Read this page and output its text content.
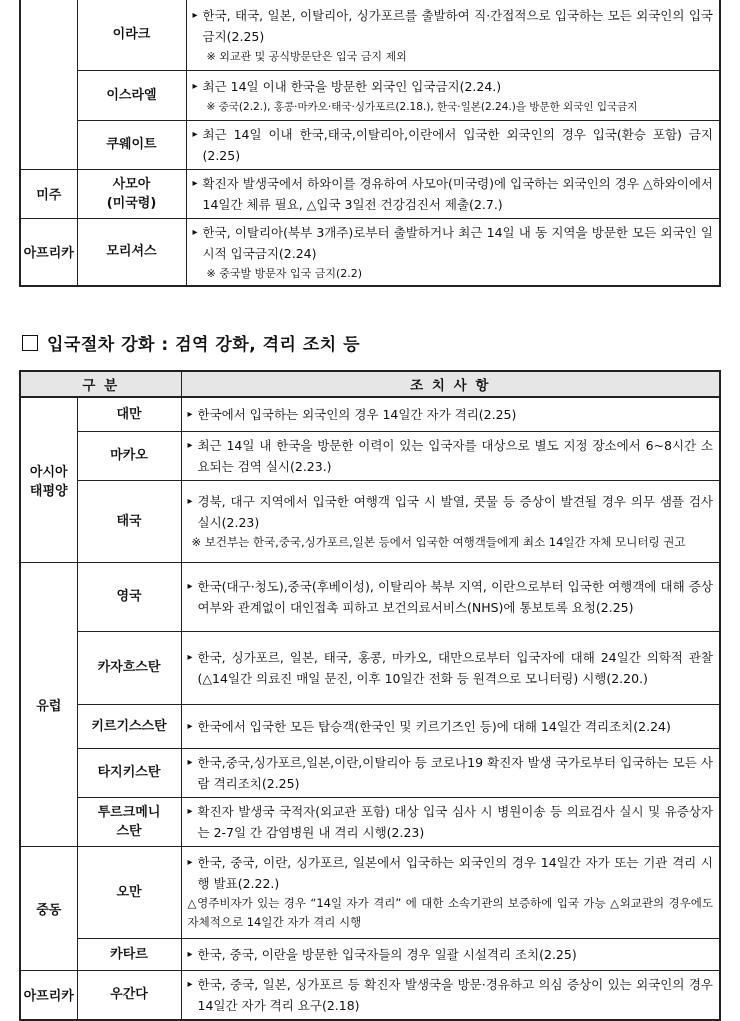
	이라크	▸ 한국, 태국, 일본, 이탈리아, 싱가포르를 출발하여 직·간접적으로 입국하는 모든 외국인의 입국 금지(2.25)

※ 외교관 및 공식방문단은 입국 금지 제외

	이스라엘	▸ 최근 14일 이내 한국을 방문한 외국인 입국금지(2.24.)

※ 중국(2.2.), 홍콩·마카오·태국·싱가포르(2.18.), 한국·일본(2.24.)을 방문한 외국인 입국금지

	쿠웨이트	▸ 최근 14일 이내 한국,태국,이탈리아,이란에서 입국한 외국인의 경우 입국(환승 포함) 금지(2.25)

미주	사모아
(미국령)	▸ 확진자 발생국에서 하와이를 경유하여 사모아(미국령)에 입국하는 외국인의 경우 △하와이에서 14일간 체류 필요, △입국 3일전 건강검진서 제출(2.7.)

아프리카	모리셔스	▸ 한국, 이탈리아(북부 3개주)로부터 출발하거나 최근 14일 내 동 지역을 방문한 모든 외국인 일시적 입국금지(2.24)

※ 중국발 방문자 입국 금지(2.2)

입국절차 강화 : 검역 강화, 격리 조치 등
구 분		조 치 사 항

아시아
태평양	대만	▸ 한국에서 입국하는 외국인의 경우 14일간 자가 격리(2.25)

	마카오	▸ 최근 14일 내 한국을 방문한 이력이 있는 입국자를 대상으로 별도 지정 장소에서 6~8시간 소요되는 검역 실시(2.23.)

	태국	▸ 경북, 대구 지역에서 입국한 여행객 입국 시 발열, 콧물 등 증상이 발견될 경우 의무 샘플 검사 실시(2.23)

※ 보건부는 한국,중국,싱가포르,일본 등에서 입국한 여행객들에게 최소 14일간 자체 모니터링 권고

유럽	영국	▸ 한국(대구·청도),중국(후베이성), 이탈리아 북부 지역, 이란으로부터 입국한 여행객에 대해 증상 여부와 관계없이 대인접촉 피하고 보건의료서비스(NHS)에 통보토록 요청(2.25)

	카자흐스탄	▸ 한국, 싱가포르, 일본, 태국, 홍콩, 마카오, 대만으로부터 입국자에 대해 24일간 의학적 관찰(△14일간 의료진 매일 문진, 이후 10일간 전화 등 원격으로 모니터링) 시행(2.20.)

	키르기스스탄	▸ 한국에서 입국한 모든 탑승객(한국인 및 키르기즈인 등)에 대해 14일간 격리조치(2.24)

	타지키스탄	▸ 한국,중국,싱가포르,일본,이란,이탈리아 등 코로나19 확진자 발생 국가로부터 입국하는 모든 사람 격리조치(2.25)

	투르크메니
스탄	▸ 확진자 발생국 국적자(외교관 포함) 대상 입국 심사 시 병원이송 등 의료검사 실시 및 유증상자는 2-7일 간 감염병원 내 격리 시행(2.23)

중동	오만	▸ 한국, 중국, 이란, 싱가포르, 일본에서 입국하는 외국인의 경우 14일간 자가 또는 기관 격리 시행 발표(2.22.)

△영주비자가 있는 경우 “14일 자가 격리” 에 대한 소속기관의 보증하에 입국 가능 △외교관의 경우에도 자체적으로 14일간 자가 격리 시행

	카타르	▸ 한국, 중국, 이란을 방문한 입국자들의 경우 일괄 시설격리 조치(2.25)

아프리카	우간다	▸ 한국, 중국, 일본, 싱가포르 등 확진자 발생국을 방문·경유하고 의심 증상이 있는 외국인의 경우 14일간 자가 격리 요구(2.18)
